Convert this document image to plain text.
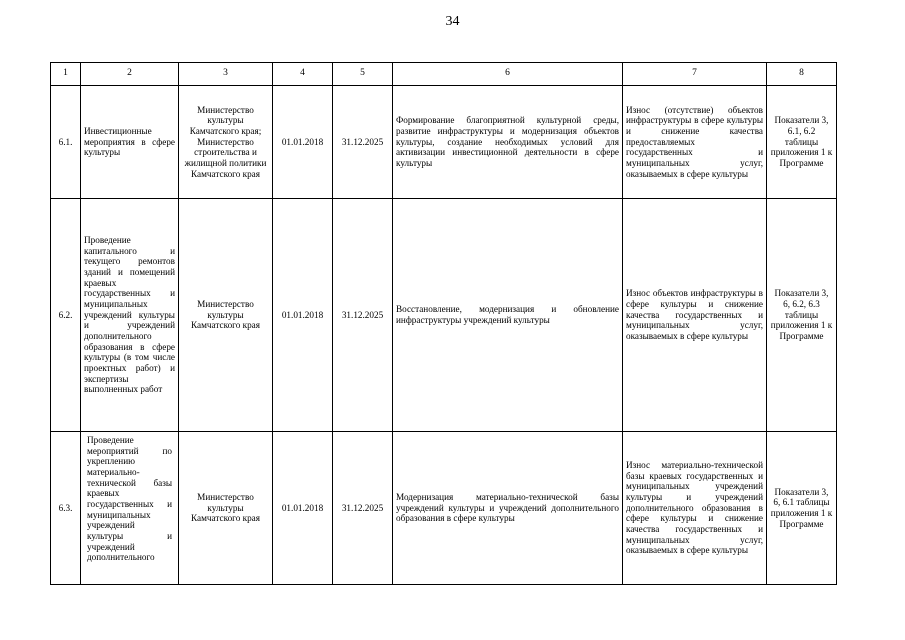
34
1	2	3	4	5	6	7	8
6.1.	Инвестиционные мероприятия в сфере культуры	Министерство культуры Камчатского края; Министерство строительства и жилищной политики Камчатского края	01.01.2018	31.12.2025	Формирование благоприятной культурной среды, развитие инфраструктуры и модернизация объектов культуры, создание необходимых условий для активизации инвестиционной деятельности в сфере культуры	Износ (отсутствие) объектов инфраструктуры в сфере культуры и снижение качества предоставляемых государственных и муниципальных услуг, оказываемых в сфере культуры	Показатели 3, 6.1, 6.2 таблицы приложения 1 к Программе
6.2.	Проведение капитального и текущего ремонтов зданий и помещений краевых государственных и муниципальных учреждений культуры и учреждений дополнительного образования в сфере культуры (в том числе проектных работ) и экспертизы выполненных работ	Министерство культуры Камчатского края	01.01.2018	31.12.2025	Восстановление, модернизация и обновление инфраструктуры учреждений культуры	Износ объектов инфраструктуры в сфере культуры и снижение качества государственных и муниципальных услуг, оказываемых в сфере культуры	Показатели 3, 6, 6.2, 6.3 таблицы приложения 1 к Программе
6.3.	Проведение мероприятий по укреплению материально-технической базы краевых государственных и муниципальных учреждений культуры и учреждений дополнительного	Министерство культуры Камчатского края	01.01.2018	31.12.2025	Модернизация материально-технической базы учреждений культуры и учреждений дополнительного образования в сфере культуры	Износ материально-технической базы краевых государственных и муниципальных учреждений культуры и учреждений дополнительного образования в сфере культуры и снижение качества государственных и муниципальных услуг, оказываемых в сфере культуры	Показатели 3, 6, 6.1 таблицы приложения 1 к Программе
